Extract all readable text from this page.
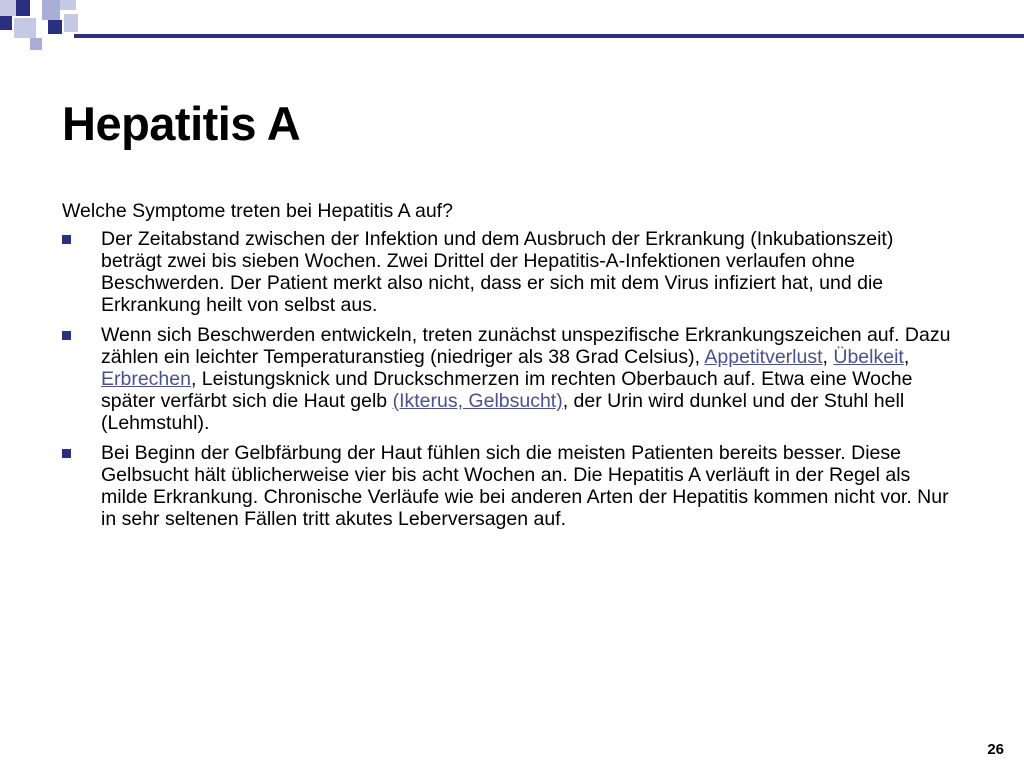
Hepatitis A

Welche Symptome treten bei Hepatitis A auf?

Der Zeitabstand zwischen der Infektion und dem Ausbruch der Erkrankung (Inkubationszeit) beträgt zwei bis sieben Wochen. Zwei Drittel der Hepatitis-A-Infektionen verlaufen ohne Beschwerden. Der Patient merkt also nicht, dass er sich mit dem Virus infiziert hat, und die Erkrankung heilt von selbst aus.
Wenn sich Beschwerden entwickeln, treten zunächst unspezifische Erkrankungszeichen auf. Dazu zählen ein leichter Temperaturanstieg (niedriger als 38 Grad Celsius), Appetitverlust, Übelkeit, Erbrechen, Leistungsknick und Druckschmerzen im rechten Oberbauch auf. Etwa eine Woche später verfärbt sich die Haut gelb (Ikterus, Gelbsucht), der Urin wird dunkel und der Stuhl hell (Lehmstuhl).
Bei Beginn der Gelbfärbung der Haut fühlen sich die meisten Patienten bereits besser. Diese Gelbsucht hält üblicherweise vier bis acht Wochen an. Die Hepatitis A verläuft in der Regel als milde Erkrankung. Chronische Verläufe wie bei anderen Arten der Hepatitis kommen nicht vor. Nur in sehr seltenen Fällen tritt akutes Leberversagen auf.
26
